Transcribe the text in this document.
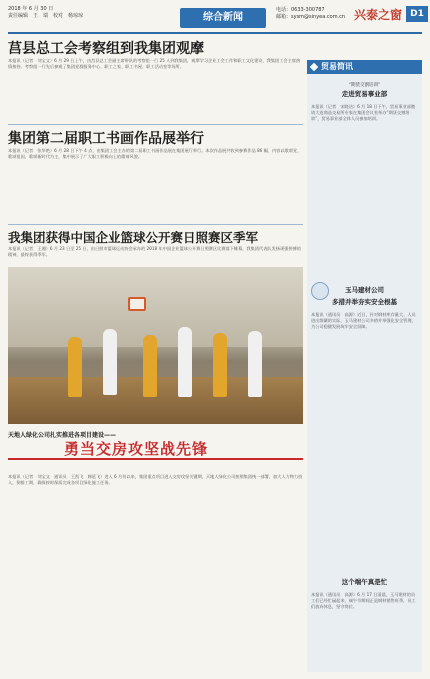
2018 年 6 月 30 日
责任编辑　王　瑞　校对　杨琼琼	综合新闻
电话：0633-300787
邮箱：sysm@sinyea.com.cn 兴泰之窗 D1
莒县总工会考察组到我集团观摩
本报讯（记者　刘宝文）6 月 29 日上午，由莒县总工会副主席带队的考察组一行 25 人到我集团，观摩学习企业工会工作和职工文化建设，我集团工会主席热情接待。考察组一行先后参观了集团党群服务中心、职工之家、职工书屋、职工活动室等场所。
集团第二届职工书画作品展举行
本报讯（记者　张华艳）6 月 28 日下午 4 点，由集团工会主办的第二届职工书画作品展在集团展厅举行。本次作品展共收到参赛作品 86 幅，内容以歌颂党、歌颂祖国、歌颂新时代为主，集中展示了广大职工积极向上的精神风貌。
我集团获得中国企业篮球公开赛日照赛区季军
本报讯（记者　王湘）6 月 23 日至 25 日，由日照市篮球运动协会承办的 2018 年中国企业篮球公开赛日照赛区比赛落下帷幕，我集团代表队发扬顽强拼搏的精神，最终获得季军。
天地人绿化公司扎实推进各项目建设——
勇当交房攻坚战先锋
本报讯（记者　刘宝文　通讯员　王凯飞　韩延飞）进入 6 月份以来，集团重点项目进入交房攻坚关键期，天地人绿化公司按照集团统一部署，加大人力物力投入，倒排工期，确保按时保质完成各项目绿化施工任务。
贸易简讯
“期货交割培训”
走进贸易事业部
本报讯（记者　宋晓洁）6 月 18 日下午，贸易事业部邀请大连商品交易所专家在集团会议室举办“期货交割培训”，贸易事业部全体人员参加培训。
玉马建材公司
多措并举夯实安全根基
本报讯（通讯员　高源）近日，针对钢材库存量大、人员进出频繁的实际，玉马建材公司多措并举强化安全管理，为公司稳健发展筑牢安全屏障。
这个端午真是忙
本报讯（通讯员　高源）6 月 17 日清晨，玉马建材的员工们已经忙碌起来，端午节期间正是钢材销售旺季，员工们放弃休息，坚守岗位。
